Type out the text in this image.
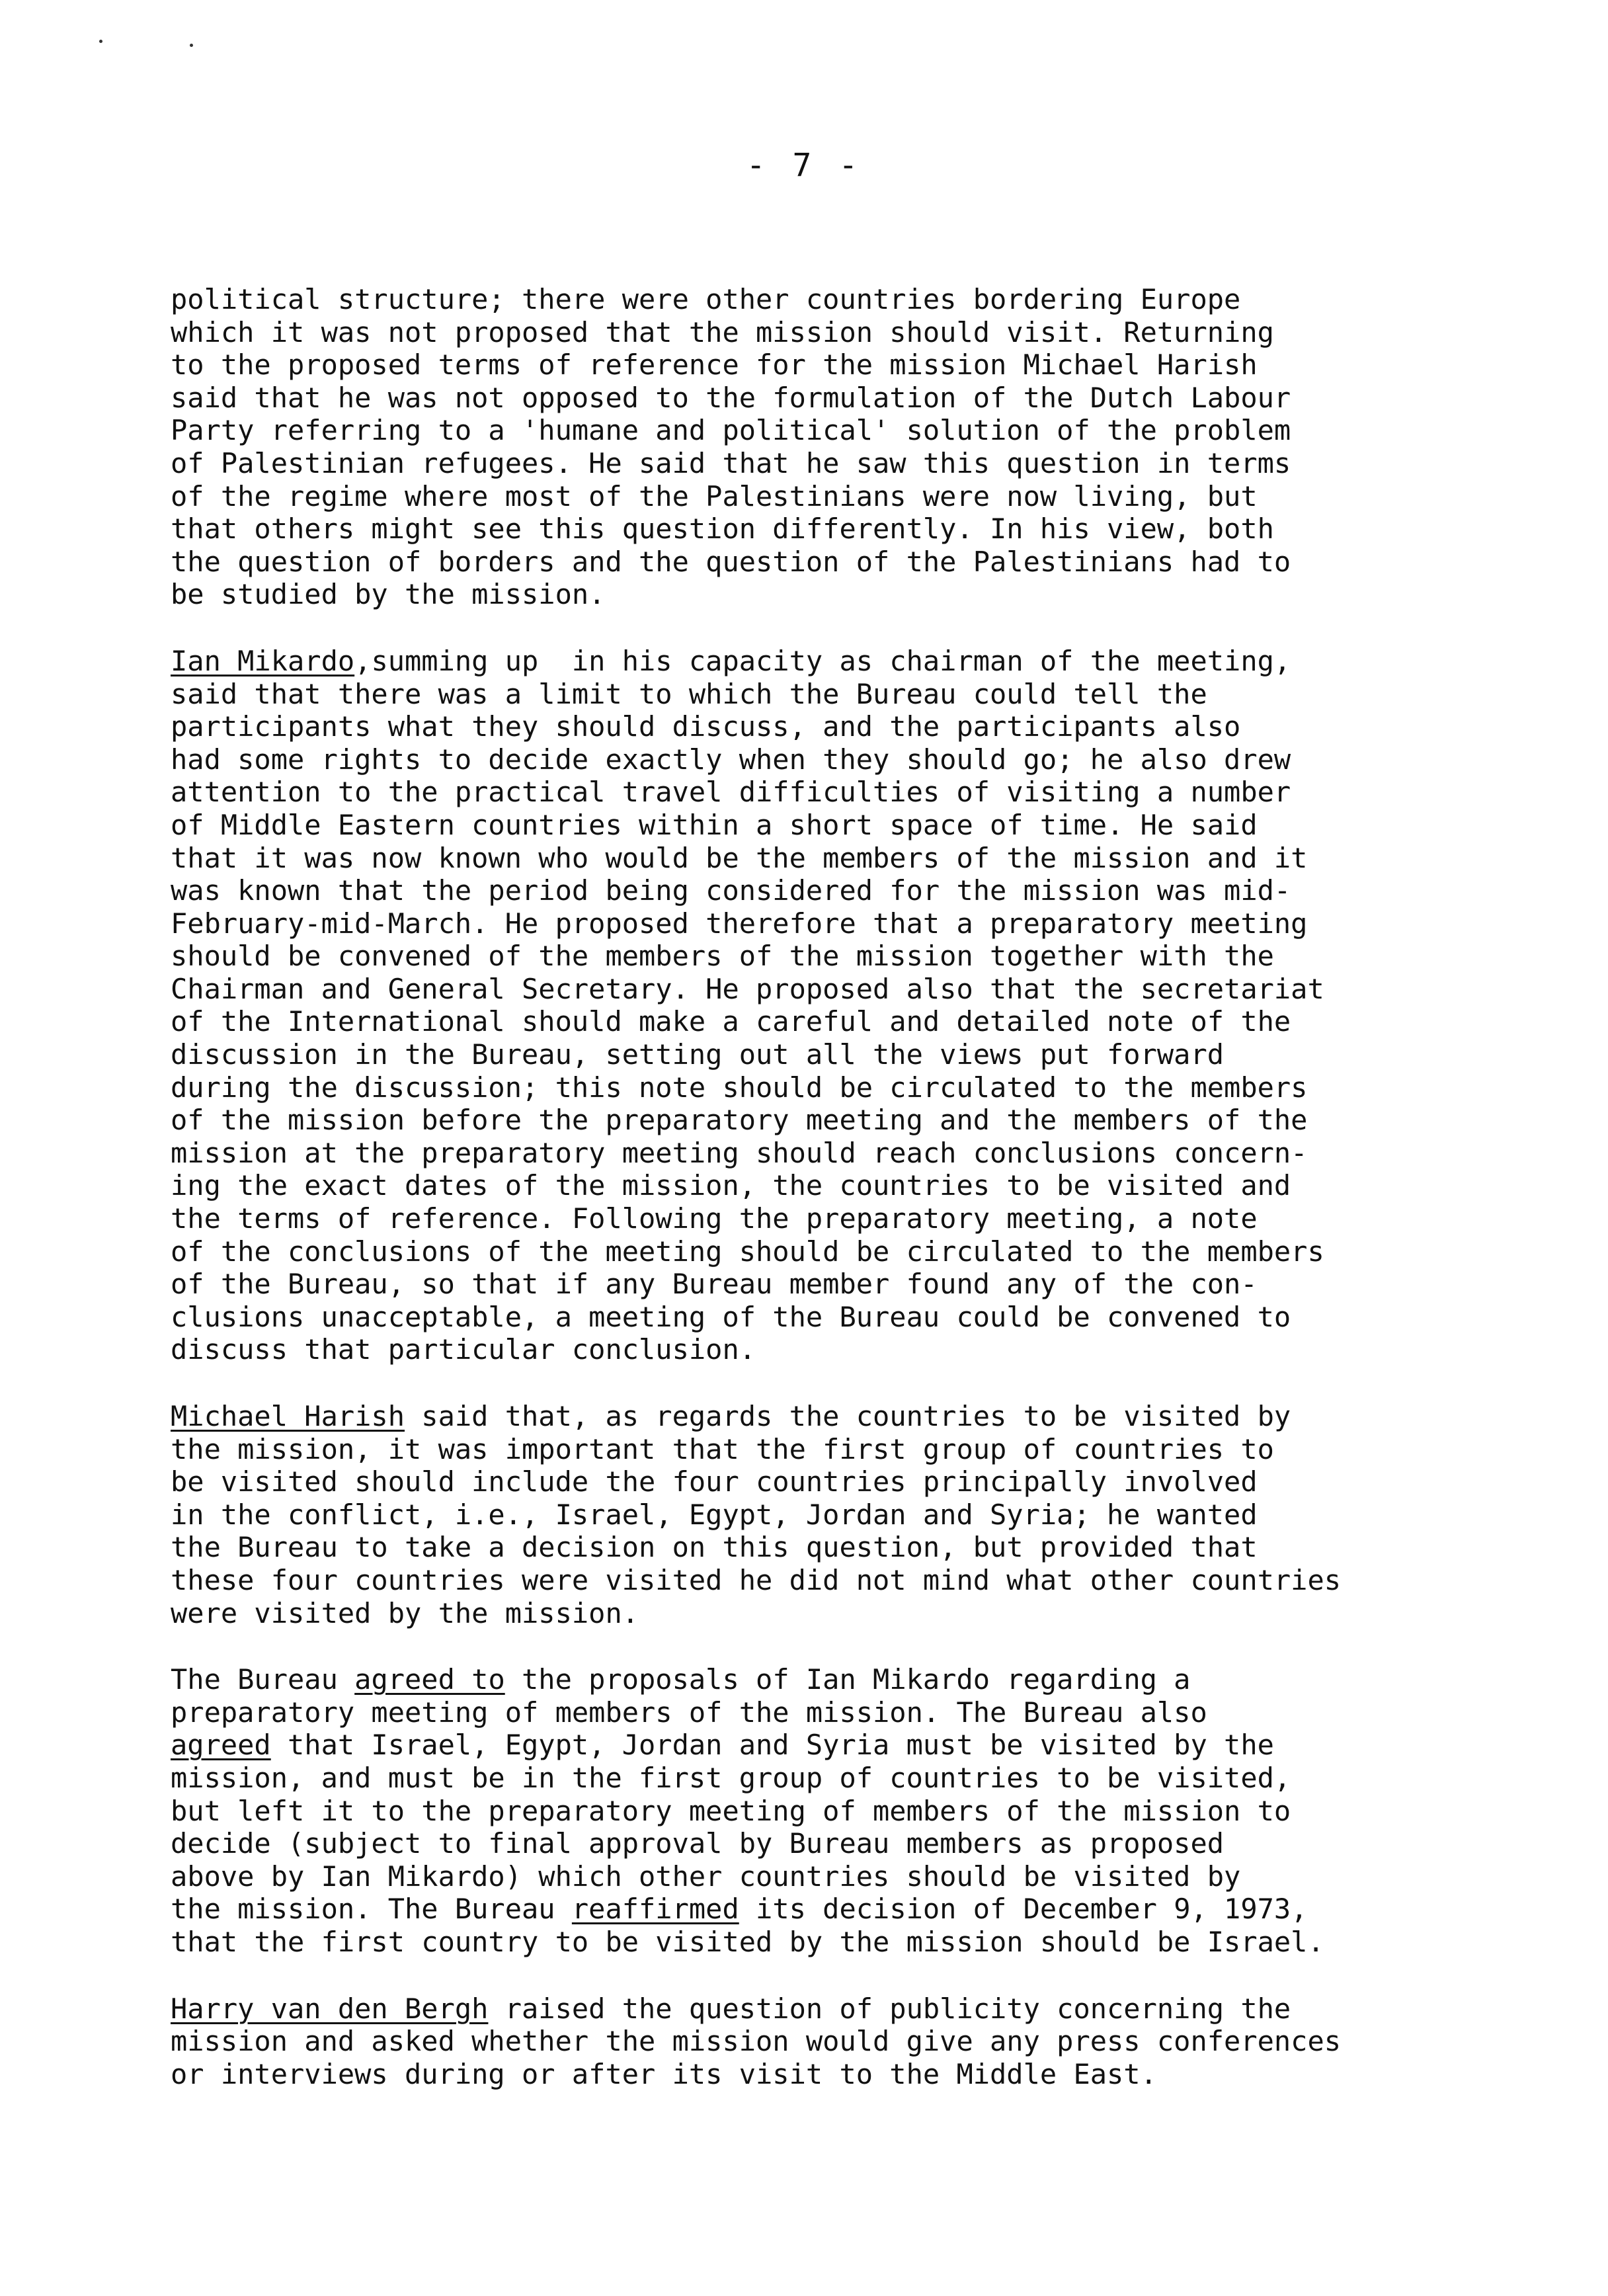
- 7 -
political structure; there were other countries bordering Europe
which it was not proposed that the mission should visit. Returning
to the proposed terms of reference for the mission Michael Harish
said that he was not opposed to the formulation of the Dutch Labour
Party referring to a 'humane and political' solution of the problem
of Palestinian refugees. He said that he saw this question in terms
of the regime where most of the Palestinians were now living, but
that others might see this question differently. In his view, both
the question of borders and the question of the Palestinians had to
be studied by the mission.
Ian Mikardo,summing up  in his capacity as chairman of the meeting,
said that there was a limit to which the Bureau could tell the
participants what they should discuss, and the participants also
had some rights to decide exactly when they should go; he also drew
attention to the practical travel difficulties of visiting a number
of Middle Eastern countries within a short space of time. He said
that it was now known who would be the members of the mission and it
was known that the period being considered for the mission was mid-
February-mid-March. He proposed therefore that a preparatory meeting
should be convened of the members of the mission together with the
Chairman and General Secretary. He proposed also that the secretariat
of the International should make a careful and detailed note of the
discussion in the Bureau, setting out all the views put forward
during the discussion; this note should be circulated to the members
of the mission before the preparatory meeting and the members of the
mission at the preparatory meeting should reach conclusions concern-
ing the exact dates of the mission, the countries to be visited and
the terms of reference. Following the preparatory meeting, a note
of the conclusions of the meeting should be circulated to the members
of the Bureau, so that if any Bureau member found any of the con-
clusions unacceptable, a meeting of the Bureau could be convened to
discuss that particular conclusion.
Michael Harish said that, as regards the countries to be visited by
the mission, it was important that the first group of countries to
be visited should include the four countries principally involved
in the conflict, i.e., Israel, Egypt, Jordan and Syria; he wanted
the Bureau to take a decision on this question, but provided that
these four countries were visited he did not mind what other countries
were visited by the mission.
The Bureau agreed to the proposals of Ian Mikardo regarding a
preparatory meeting of members of the mission. The Bureau also
agreed that Israel, Egypt, Jordan and Syria must be visited by the
mission, and must be in the first group of countries to be visited,
but left it to the preparatory meeting of members of the mission to
decide (subject to final approval by Bureau members as proposed
above by Ian Mikardo) which other countries should be visited by
the mission. The Bureau reaffirmed its decision of December 9, 1973,
that the first country to be visited by the mission should be Israel.
Harry van den Bergh raised the question of publicity concerning the
mission and asked whether the mission would give any press conferences
or interviews during or after its visit to the Middle East.
